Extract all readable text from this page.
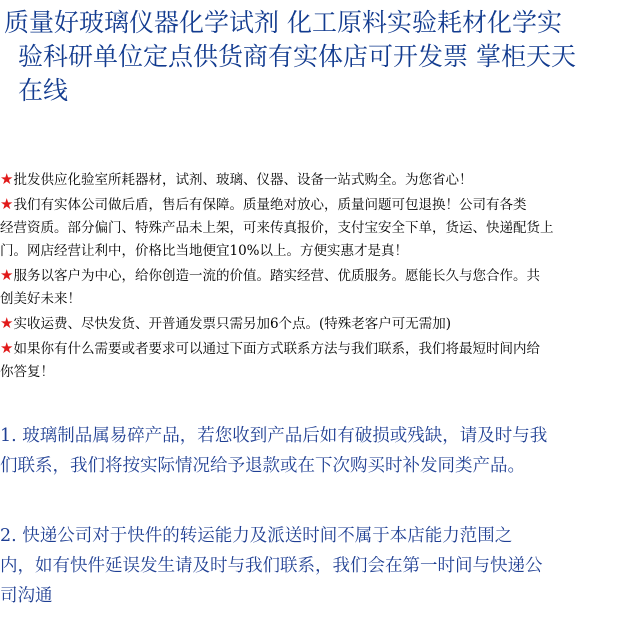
质量好玻璃仪器化学试剂 化工原料实验耗材化学实
验科研单位定点供货商有实体店可开发票 掌柜天天
在线
★批发供应化验室所耗器材，试剂、玻璃、仪器、设备一站式购全。为您省心！
★我们有实体公司做后盾，售后有保障。质量绝对放心，质量问题可包退换！公司有各类
经营资质。部分偏门、特殊产品未上架，可来传真报价，支付宝安全下单，货运、快递配货上
门。网店经营让利中，价格比当地便宜10%以上。方便实惠才是真！
★服务以客户为中心，给你创造一流的价值。踏实经营、优质服务。愿能长久与您合作。共
创美好未来！
★实收运费、尽快发货、开普通发票只需另加6个点。(特殊老客户可无需加)
★如果你有什么需要或者要求可以通过下面方式联系方法与我们联系，我们将最短时间内给
你答复！
1. 玻璃制品属易碎产品，若您收到产品后如有破损或残缺，请及时与我
们联系，我们将按实际情况给予退款或在下次购买时补发同类产品。
2. 快递公司对于快件的转运能力及派送时间不属于本店能力范围之
内，如有快件延误发生请及时与我们联系，我们会在第一时间与快递公
司沟通
